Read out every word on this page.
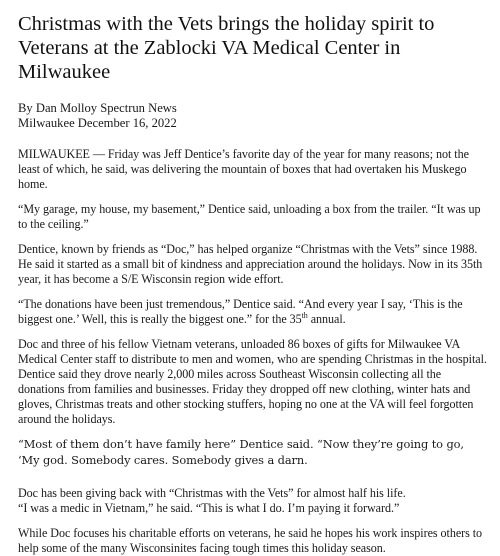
Christmas with the Vets brings the holiday spirit to Veterans at the Zablocki VA Medical Center in Milwaukee
By Dan Molloy Spectrun News
Milwaukee December 16, 2022

MILWAUKEE — Friday was Jeff Dentice’s favorite day of the year for many reasons; not the least of which, he said, was delivering the mountain of boxes that had overtaken his Muskego home.

“My garage, my house, my basement,” Dentice said, unloading a box from the trailer. “It was up to the ceiling.”

Dentice, known by friends as “Doc,” has helped organize “Christmas with the Vets” since 1988. He said it started as a small bit of kindness and appreciation around the holidays. Now in its 35th year, it has become a S/E Wisconsin region wide effort.

“The donations have been just tremendous,” Dentice said. “And every year I say, ‘This is the biggest one.’ Well, this is really the biggest one.” for the 35th annual.

Doc and three of his fellow Vietnam veterans, unloaded 86 boxes of gifts for Milwaukee VA Medical Center staff to distribute to men and women, who are spending Christmas in the hospital. Dentice said they drove nearly 2,000 miles across Southeast Wisconsin collecting all the donations from families and businesses. Friday they dropped off new clothing, winter hats and gloves, Christmas treats and other stocking stuffers, hoping no one at the VA will feel forgotten around the holidays.

“Most of them don’t have family here” Dentice said. “Now they’re going to go, ‘My god. Somebody cares. Somebody gives a darn.

Doc has been giving back with “Christmas with the Vets” for almost half his life.
“I was a medic in Vietnam,” he said. “This is what I do. I’m paying it forward.”

While Doc focuses his charitable efforts on veterans, he said he hopes his work inspires others to help some of the many Wisconsinites facing tough times this holiday season.
